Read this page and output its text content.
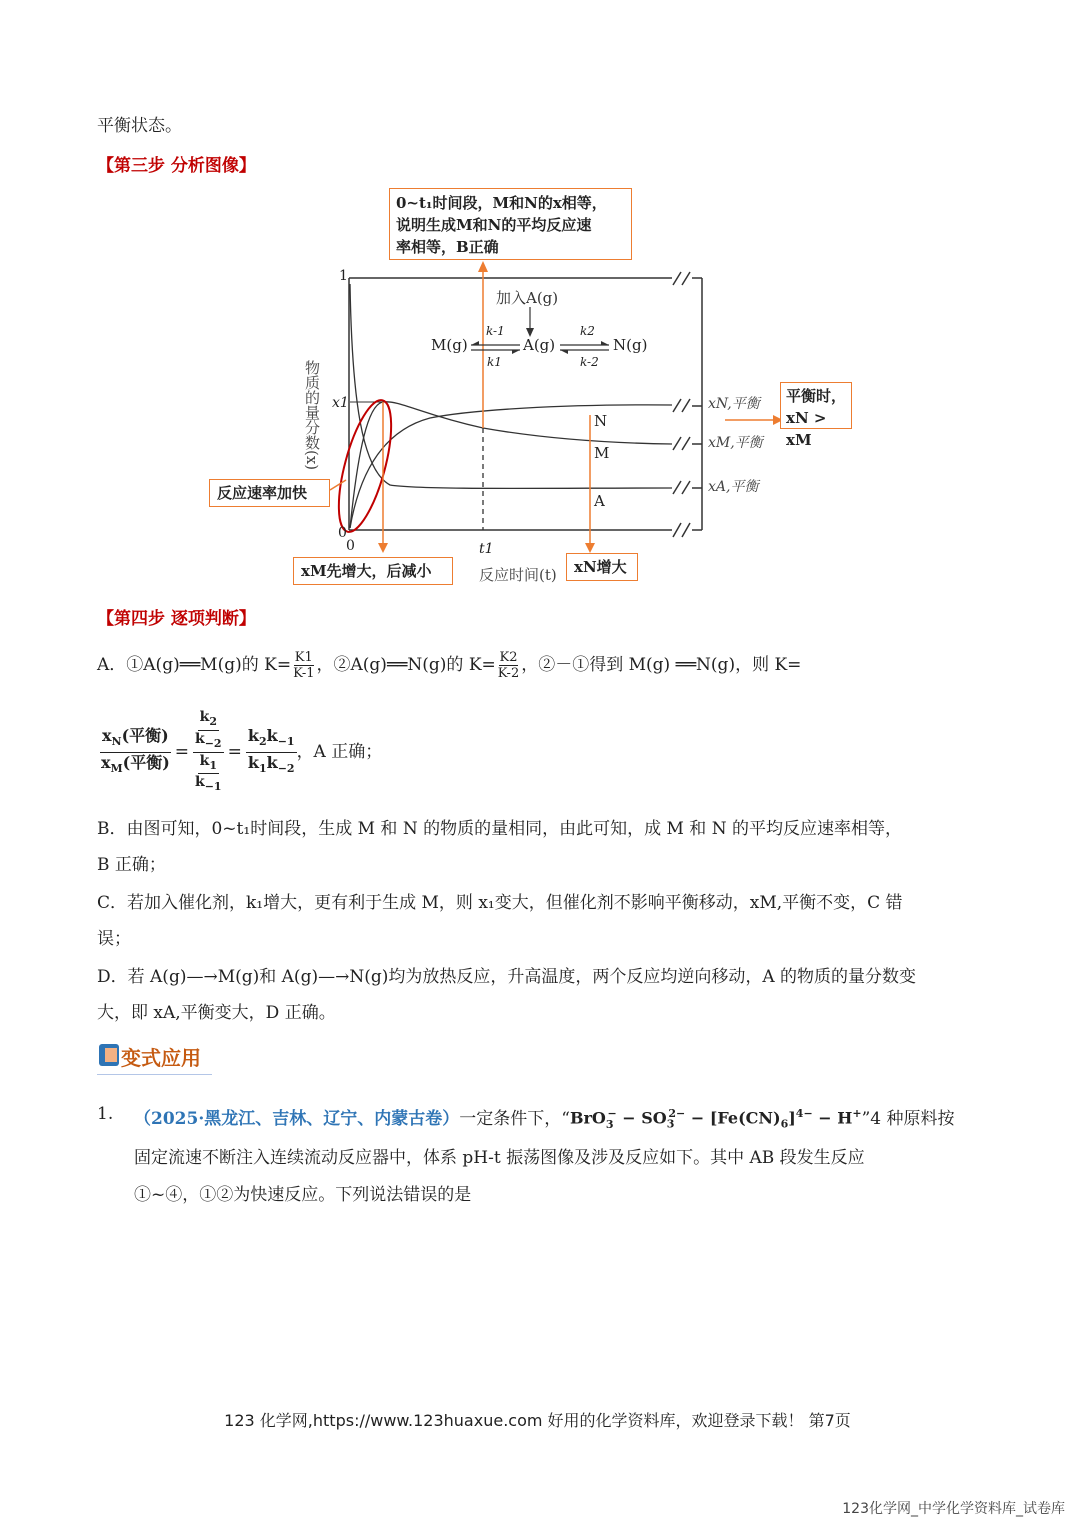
平衡状态。
【第三步 分析图像】
0~t₁时间段，M和N的x相等，
说明生成M和N的平均反应速
率相等，B正确
反应速率加快
xM先增大，后减小	xN增大
平衡时，
xN > xM
物质的量分数(x)
反应时间(t)
1
x1
0
0	t1
加入A(g)
M(g)	A(g)	N(g)
k-1
k1
k2
k-2
N
M
A
xN,平衡
xM,平衡
xA,平衡
【第四步 逐项判断】
A．①A(g)══M(g)的 $K= \frac{K1}{K-1}$ ，②A(g)══N(g)的 $K= \frac{K2}{K-2}$ ，②－①得到 M(g) ══N(g)，则 K=
$x_N$(平衡)
$x_M$(平衡) = $\frac{\frac{k_2}{k_{-2}}}{\frac{k_1}{k_{-1}}} = \frac{k_2k_{-1}}{k_1k_{-2}}$ ，A 正确；
B．由图可知，0~t₁时间段，生成 M 和 N 的物质的量相同，由此可知，成 M 和 N 的平均反应速率相等，
B 正确；
C．若加入催化剂，k₁增大，更有利于生成 M，则 x₁变大，但催化剂不影响平衡移动，xM,平衡不变，C 错
误；
D．若 A(g)—→M(g)和 A(g)—→N(g)均为放热反应，升高温度，两个反应均逆向移动，A 的物质的量分数变
大，即 xA,平衡变大，D 正确。
变式应用
1. （2025·黑龙江、吉林、辽宁、内蒙古卷） 一定条件下，“ $BrO_3^- - SO_3^{2-} - [Fe(CN)_6]^{4-} - H^+$ ”4 种原料按
固定流速不断注入连续流动反应器中，体系 pH-t 振荡图像及涉及反应如下。其中 AB 段发生反应
①~④，①②为快速反应。下列说法错误的是
123 化学网,https://www.123huaxue.com 好用的化学资料库，欢迎登录下载！ 第7页
123化学网_中学化学资料库_试卷库
